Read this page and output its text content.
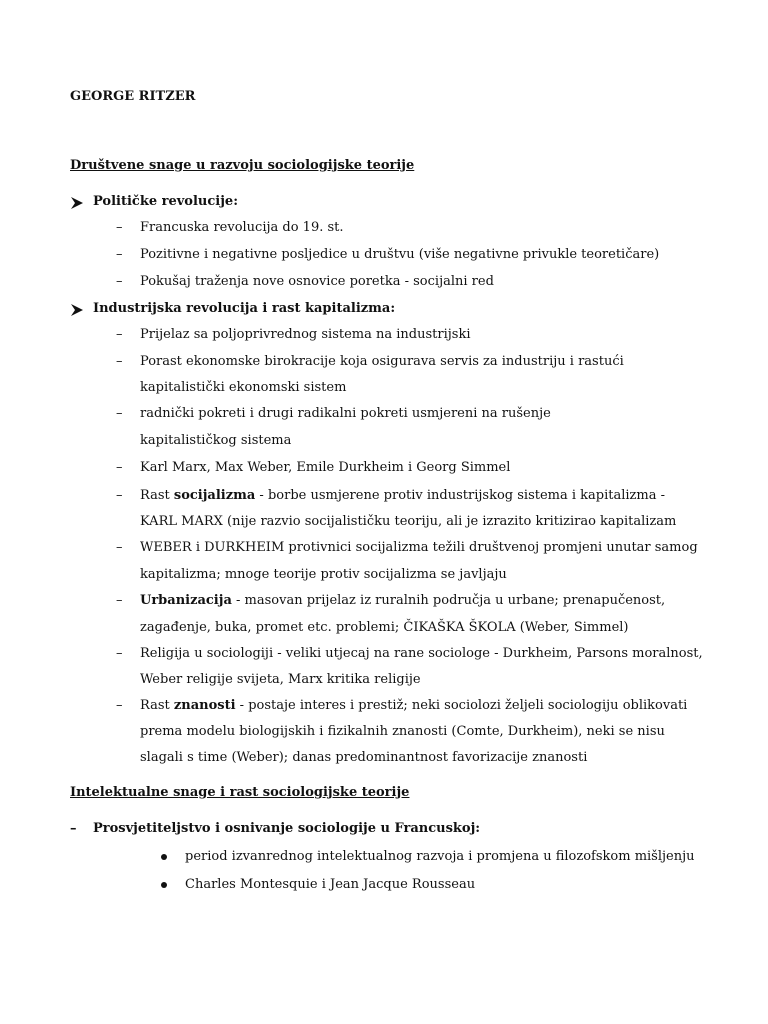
GEORGE RITZER
Društvene snage u razvoju sociologijske teorije
Političke revolucije:
– Francuska revolucija do 19. st.
– Pozitivne i negativne posljedice u društvu (više negativne privukle teoretičare)
– Pokušaj traženja nove osnovice poretka - socijalni red
Industrijska revolucija i rast kapitalizma:
– Prijelaz sa poljoprivrednog sistema na industrijski
– Porast ekonomske birokracije koja osigurava servis za industriju i rastući
kapitalistički ekonomski sistem
– radnički pokreti i drugi radikalni pokreti usmjereni na rušenje
kapitalističkog sistema
– Karl Marx, Max Weber, Emile Durkheim i Georg Simmel
– Rast socijalizma - borbe usmjerene protiv industrijskog sistema i kapitalizma -
KARL MARX (nije razvio socijalističku teoriju, ali je izrazito kritizirao kapitalizam
– WEBER i DURKHEIM protivnici socijalizma težili društvenoj promjeni unutar samog
kapitalizma; mnoge teorije protiv socijalizma se javljaju
– Urbanizacija - masovan prijelaz iz ruralnih područja u urbane; prenapučenost,
zagađenje, buka, promet etc. problemi; ČIKAŠKA ŠKOLA (Weber, Simmel)
– Religija u sociologiji - veliki utjecaj na rane sociologe - Durkheim, Parsons moralnost,
Weber religije svijeta, Marx kritika religije
– Rast znanosti - postaje interes i prestiž; neki sociolozi željeli sociologiju oblikovati
prema modelu biologijskih i fizikalnih znanosti (Comte, Durkheim), neki se nisu
slagali s time (Weber); danas predominantnost favorizacije znanosti
Intelektualne snage i rast sociologijske teorije
– Prosvjetiteljstvo i osnivanje sociologije u Francuskoj:
period izvanrednog intelektualnog razvoja i promjena u filozofskom mišljenju
Charles Montesquie i Jean Jacque Rousseau
